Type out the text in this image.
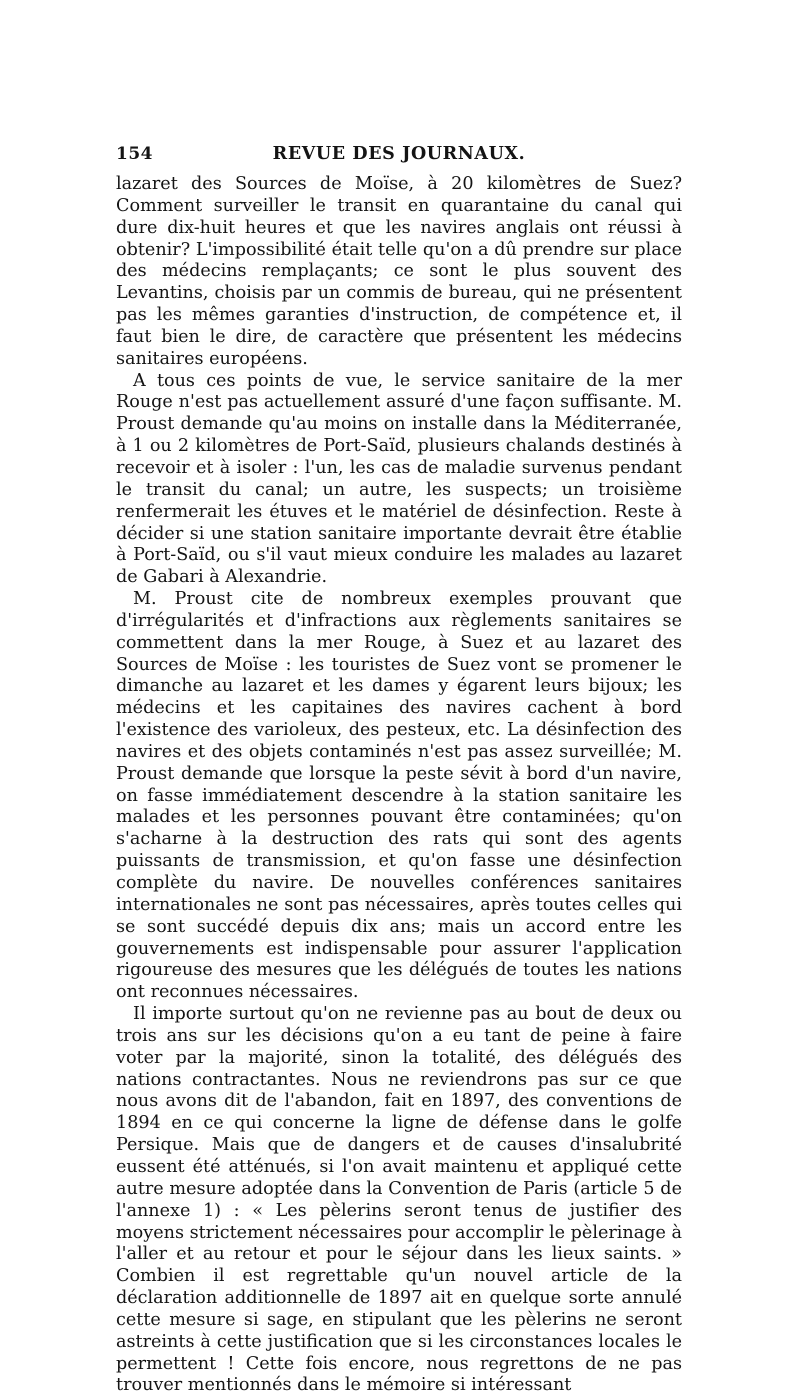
154	REVUE DES JOURNAUX.

lazaret des Sources de Moïse, à 20 kilomètres de Suez? Comment surveiller le transit en quarantaine du canal qui dure dix-huit heures et que les navires anglais ont réussi à obtenir? L'impossibilité était telle qu'on a dû prendre sur place des médecins remplaçants; ce sont le plus souvent des Levantins, choisis par un commis de bureau, qui ne présentent pas les mêmes garanties d'instruction, de compétence et, il faut bien le dire, de caractère que présentent les médecins sanitaires européens.

A tous ces points de vue, le service sanitaire de la mer Rouge n'est pas actuellement assuré d'une façon suffisante. M. Proust demande qu'au moins on installe dans la Méditerranée, à 1 ou 2 kilomètres de Port-Saïd, plusieurs chalands destinés à recevoir et à isoler : l'un, les cas de maladie survenus pendant le transit du canal; un autre, les suspects; un troisième renfermerait les étuves et le matériel de désinfection. Reste à décider si une station sanitaire importante devrait être établie à Port-Saïd, ou s'il vaut mieux conduire les malades au lazaret de Gabari à Alexandrie.

M. Proust cite de nombreux exemples prouvant que d'irrégularités et d'infractions aux règlements sanitaires se commettent dans la mer Rouge, à Suez et au lazaret des Sources de Moïse : les touristes de Suez vont se promener le dimanche au lazaret et les dames y égarent leurs bijoux; les médecins et les capitaines des navires cachent à bord l'existence des varioleux, des pesteux, etc. La désinfection des navires et des objets contaminés n'est pas assez surveillée; M. Proust demande que lorsque la peste sévit à bord d'un navire, on fasse immédiatement descendre à la station sanitaire les malades et les personnes pouvant être contaminées; qu'on s'acharne à la destruction des rats qui sont des agents puissants de transmission, et qu'on fasse une désinfection complète du navire. De nouvelles conférences sanitaires internationales ne sont pas nécessaires, après toutes celles qui se sont succédé depuis dix ans; mais un accord entre les gouvernements est indispensable pour assurer l'application rigoureuse des mesures que les délégués de toutes les nations ont reconnues nécessaires.

Il importe surtout qu'on ne revienne pas au bout de deux ou trois ans sur les décisions qu'on a eu tant de peine à faire voter par la majorité, sinon la totalité, des délégués des nations contractantes. Nous ne reviendrons pas sur ce que nous avons dit de l'abandon, fait en 1897, des conventions de 1894 en ce qui concerne la ligne de défense dans le golfe Persique. Mais que de dangers et de causes d'insalubrité eussent été atténués, si l'on avait maintenu et appliqué cette autre mesure adoptée dans la Convention de Paris (article 5 de l'annexe 1) : « Les pèlerins seront tenus de justifier des moyens strictement nécessaires pour accomplir le pèlerinage à l'aller et au retour et pour le séjour dans les lieux saints. » Combien il est regrettable qu'un nouvel article de la déclaration additionnelle de 1897 ait en quelque sorte annulé cette mesure si sage, en stipulant que les pèlerins ne seront astreints à cette justification que si les circonstances locales le permettent ! Cette fois encore, nous regrettons de ne pas trouver mentionnés dans le mémoire si intéressant
